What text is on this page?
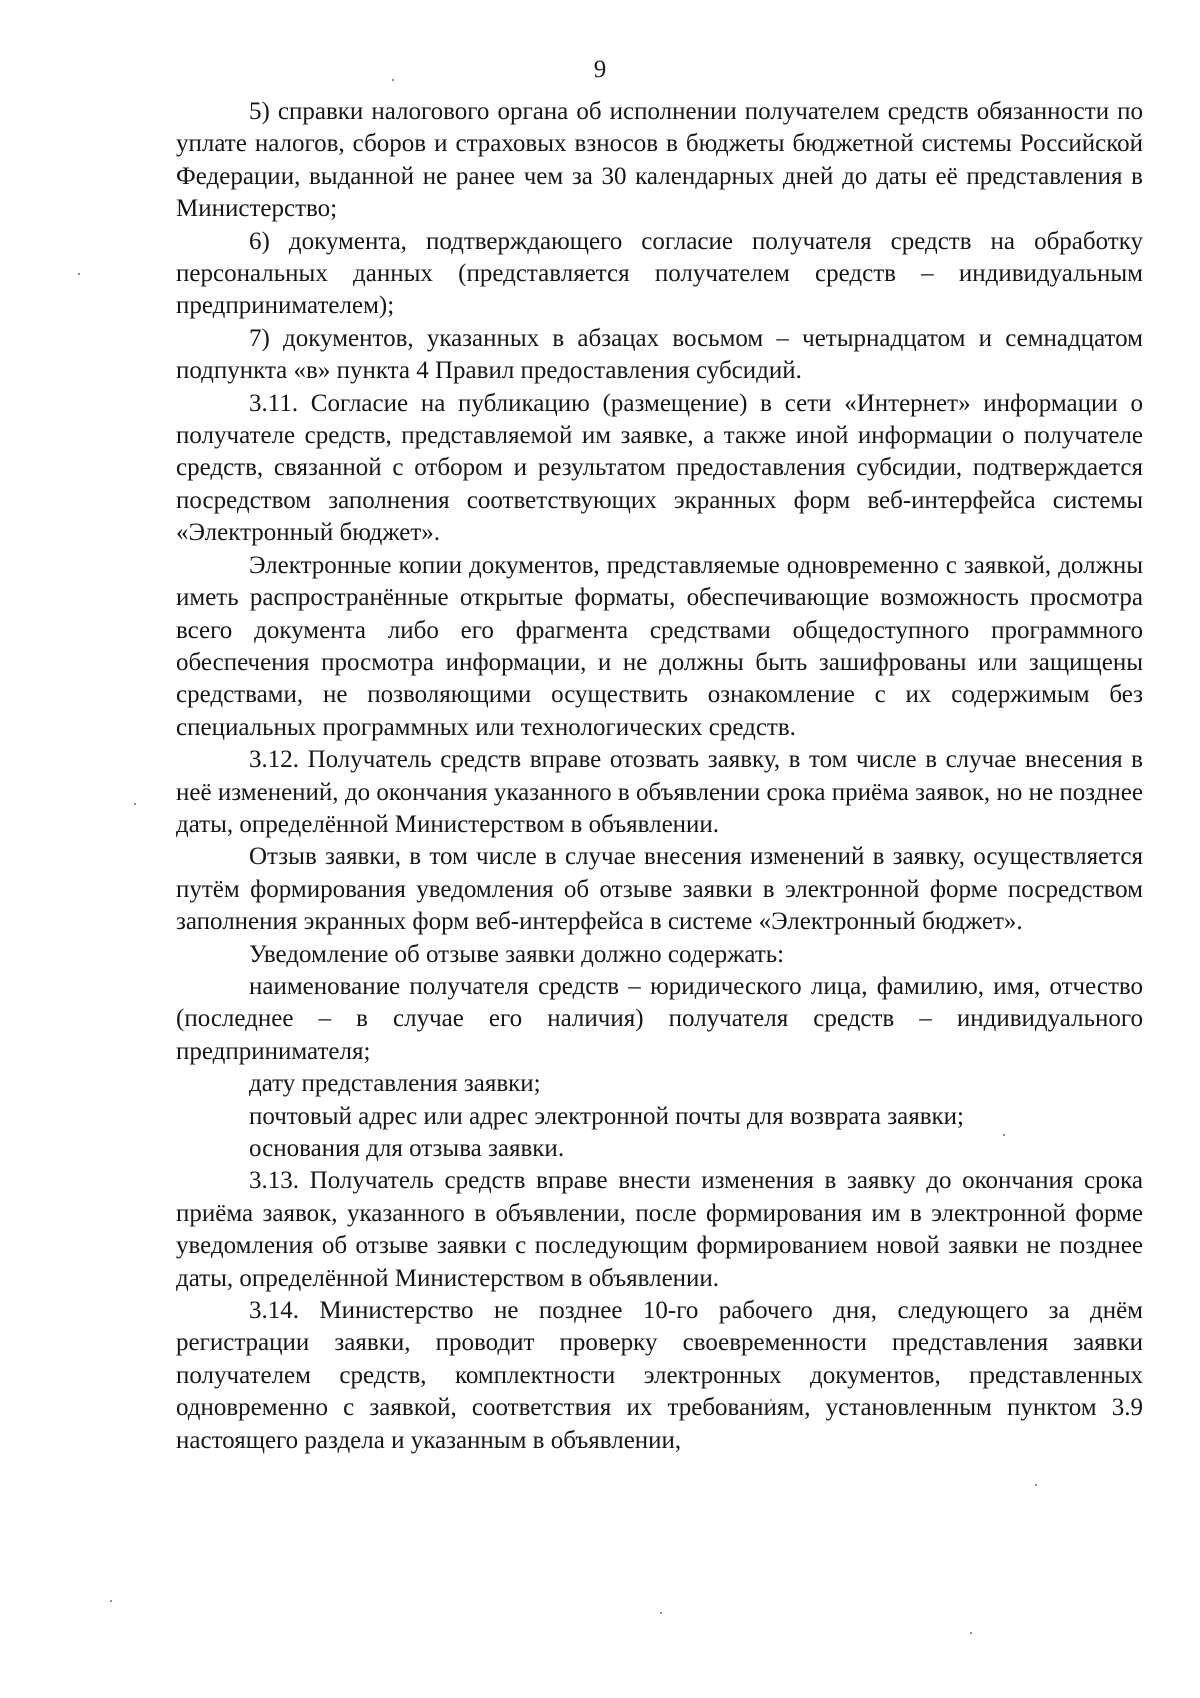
9

5) справки налогового органа об исполнении получателем средств обязанности по уплате налогов, сборов и страховых взносов в бюджеты бюджетной системы Российской Федерации, выданной не ранее чем за 30 календарных дней до даты её представления в Министерство;

6) документа, подтверждающего согласие получателя средств на обработку персональных данных (представляется получателем средств – индивидуальным предпринимателем);

7) документов, указанных в абзацах восьмом – четырнадцатом и семнадцатом подпункта «в» пункта 4 Правил предоставления субсидий.

3.11. Согласие на публикацию (размещение) в сети «Интернет» информации о получателе средств, представляемой им заявке, а также иной информации о получателе средств, связанной с отбором и результатом предоставления субсидии, подтверждается посредством заполнения соответствующих экранных форм веб-интерфейса системы «Электронный бюджет».

Электронные копии документов, представляемые одновременно с заявкой, должны иметь распространённые открытые форматы, обеспечивающие возможность просмотра всего документа либо его фрагмента средствами общедоступного программного обеспечения просмотра информации, и не должны быть зашифрованы или защищены средствами, не позволяющими осуществить ознакомление с их содержимым без специальных программных или технологических средств.

3.12. Получатель средств вправе отозвать заявку, в том числе в случае внесения в неё изменений, до окончания указанного в объявлении срока приёма заявок, но не позднее даты, определённой Министерством в объявлении.

Отзыв заявки, в том числе в случае внесения изменений в заявку, осуществляется путём формирования уведомления об отзыве заявки в электронной форме посредством заполнения экранных форм веб-интерфейса в системе «Электронный бюджет».

Уведомление об отзыве заявки должно содержать:

наименование получателя средств – юридического лица, фамилию, имя, отчество (последнее – в случае его наличия) получателя средств – индивидуального предпринимателя;

дату представления заявки;

почтовый адрес или адрес электронной почты для возврата заявки;

основания для отзыва заявки.

3.13. Получатель средств вправе внести изменения в заявку до окончания срока приёма заявок, указанного в объявлении, после формирования им в электронной форме уведомления об отзыве заявки с последующим формированием новой заявки не позднее даты, определённой Министерством в объявлении.

3.14. Министерство не позднее 10-го рабочего дня, следующего за днём регистрации заявки, проводит проверку своевременности представления заявки получателем средств, комплектности электронных документов, представленных одновременно с заявкой, соответствия их требованиям, установленным пунктом 3.9 настоящего раздела и указанным в объявлении,
